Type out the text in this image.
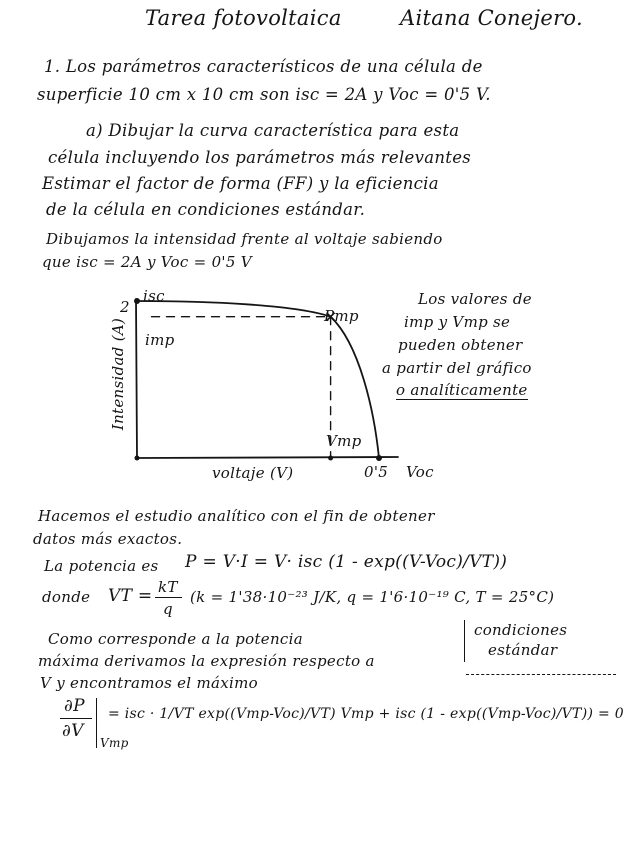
Tarea fotovoltaica	Aitana Conejero.
1. Los parámetros característicos de una célula de
superficie 10 cm x 10 cm son isc = 2A y Voc = 0'5 V.
a) Dibujar la curva característica para esta
célula incluyendo los parámetros más relevantes
Estimar el factor de forma (FF) y la eficiencia
de la célula en condiciones estándar.
Dibujamos la intensidad frente al voltaje sabiendo
que isc = 2A y Voc = 0'5 V
2
isc
imp
Pmp
Vmp
voltaje (V)	0'5 Voc
Intensidad (A)
Los valores de
imp y Vmp se
pueden obtener
a partir del gráfico
o analíticamente
Hacemos el estudio analítico con el fin de obtener
datos más exactos.
La potencia es P = V·I = V· isc (1 - exp((V-Voc)/VT))
donde VT = kT
q
(k = 1'38·10⁻²³ J/K, q = 1'6·10⁻¹⁹ C, T = 25°C)
condiciones
estándar
Como corresponde a la potencia
máxima derivamos la expresión respecto a
V y encontramos el máximo
∂P
∂V
Vmp
= isc · 1/VT exp((Vmp-Voc)/VT) Vmp + isc (1 - exp((Vmp-Voc)/VT)) = 0
